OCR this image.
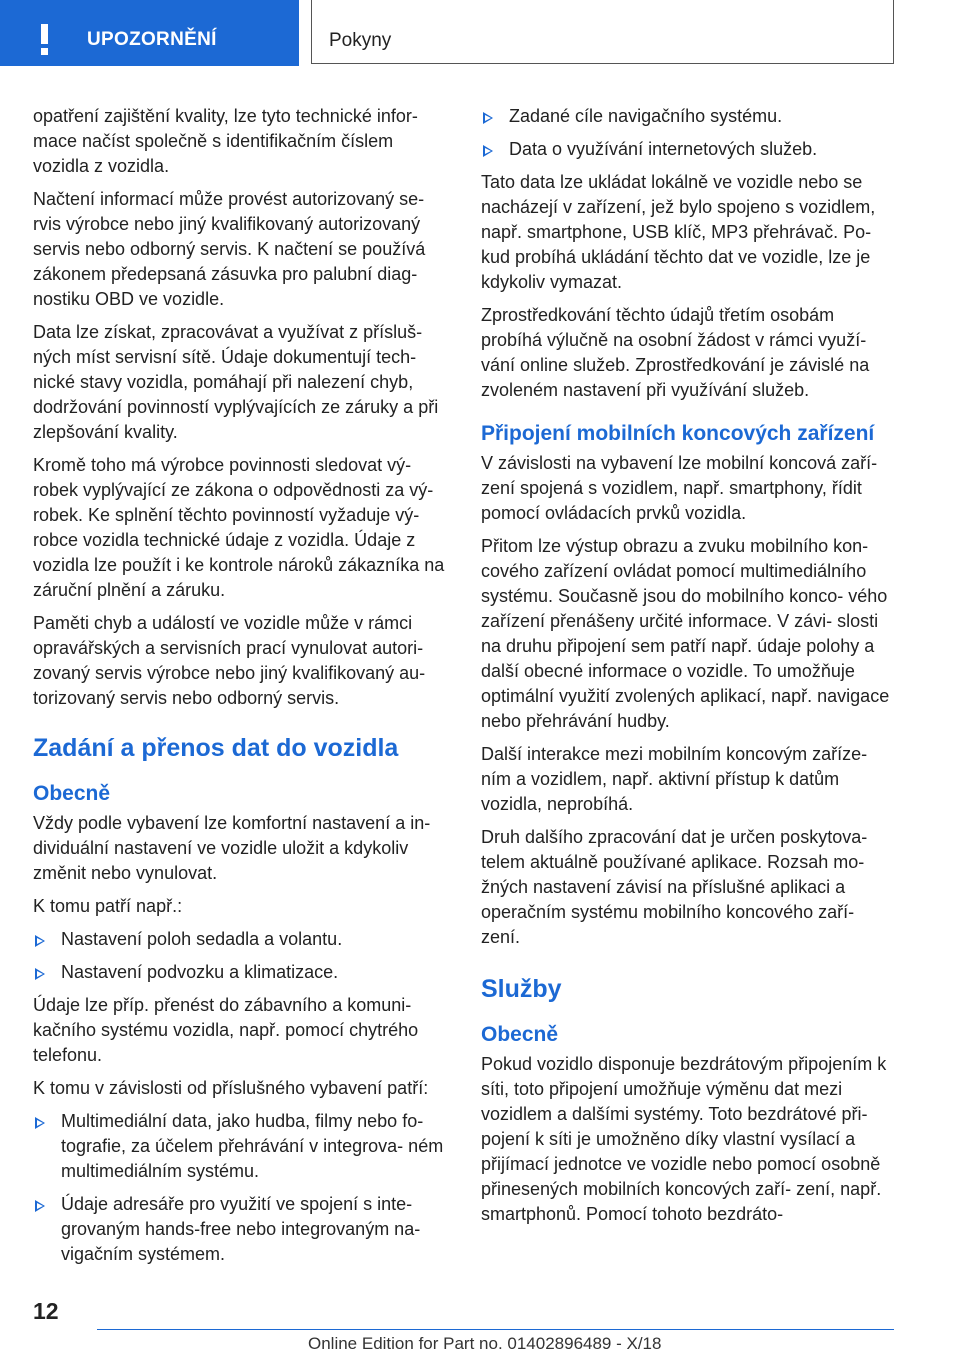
UPOZORNĚNÍ	Pokyny

opatření zajištění kvality, lze tyto technické infor- mace načíst společně s identifikačním číslem vozidla z vozidla.

Načtení informací může provést autorizovaný se- rvis výrobce nebo jiný kvalifikovaný autorizovaný servis nebo odborný servis. K načtení se používá zákonem předepsaná zásuvka pro palubní diag- nostiku OBD ve vozidle.

Data lze získat, zpracovávat a využívat z přísluš- ných míst servisní sítě. Údaje dokumentují tech- nické stavy vozidla, pomáhají při nalezení chyb, dodržování povinností vyplývajících ze záruky a při zlepšování kvality.

Kromě toho má výrobce povinnosti sledovat vý- robek vyplývající ze zákona o odpovědnosti za vý- robek. Ke splnění těchto povinností vyžaduje vý- robce vozidla technické údaje z vozidla. Údaje z vozidla lze použít i ke kontrole nároků zákazníka na záruční plnění a záruku.

Paměti chyb a událostí ve vozidle může v rámci opravářských a servisních prací vynulovat autori- zovaný servis výrobce nebo jiný kvalifikovaný au- torizovaný servis nebo odborný servis.

Zadání a přenos dat do vozidla
Obecně

Vždy podle vybavení lze komfortní nastavení a in- dividuální nastavení ve vozidle uložit a kdykoliv změnit nebo vynulovat.

K tomu patří např.:

Nastavení poloh sedadla a volantu.
Nastavení podvozku a klimatizace.

Údaje lze příp. přenést do zábavního a komuni- kačního systému vozidla, např. pomocí chytrého telefonu.

K tomu v závislosti od příslušného vybavení patří:

Multimediální data, jako hudba, filmy nebo fo- tografie, za účelem přehrávání v integrova- ném multimediálním systému.
Údaje adresáře pro využití ve spojení s inte- grovaným hands-free nebo integrovaným na- vigačním systémem.
Zadané cíle navigačního systému.
Data o využívání internetových služeb.

Tato data lze ukládat lokálně ve vozidle nebo se nacházejí v zařízení, jež bylo spojeno s vozidlem, např. smartphone, USB klíč, MP3 přehrávač. Po- kud probíhá ukládání těchto dat ve vozidle, lze je kdykoliv vymazat.

Zprostředkování těchto údajů třetím osobám probíhá výlučně na osobní žádost v rámci využí- vání online služeb. Zprostředkování je závislé na zvoleném nastavení při využívání služeb.

Připojení mobilních koncových zařízení

V závislosti na vybavení lze mobilní koncová zaří- zení spojená s vozidlem, např. smartphony, řídit pomocí ovládacích prvků vozidla.

Přitom lze výstup obrazu a zvuku mobilního kon- cového zařízení ovládat pomocí multimediálního systému. Současně jsou do mobilního konco- vého zařízení přenášeny určité informace. V závi- slosti na druhu připojení sem patří např. údaje polohy a další obecné informace o vozidle. To umožňuje optimální využití zvolených aplikací, např. navigace nebo přehrávání hudby.

Další interakce mezi mobilním koncovým zaříze- ním a vozidlem, např. aktivní přístup k datům vozidla, neprobíhá.

Druh dalšího zpracování dat je určen poskytova- telem aktuálně používané aplikace. Rozsah mo- žných nastavení závisí na příslušné aplikaci a operačním systému mobilního koncového zaří- zení.

Služby
Obecně

Pokud vozidlo disponuje bezdrátovým připojením k síti, toto připojení umožňuje výměnu dat mezi vozidlem a dalšími systémy. Toto bezdrátové při- pojení k síti je umožněno díky vlastní vysílací a přijímací jednotce ve vozidle nebo pomocí osobně přinesených mobilních koncových zaří- zení, např. smartphonů. Pomocí tohoto bezdráto-

12
Online Edition for Part no. 01402896489 - X/18
